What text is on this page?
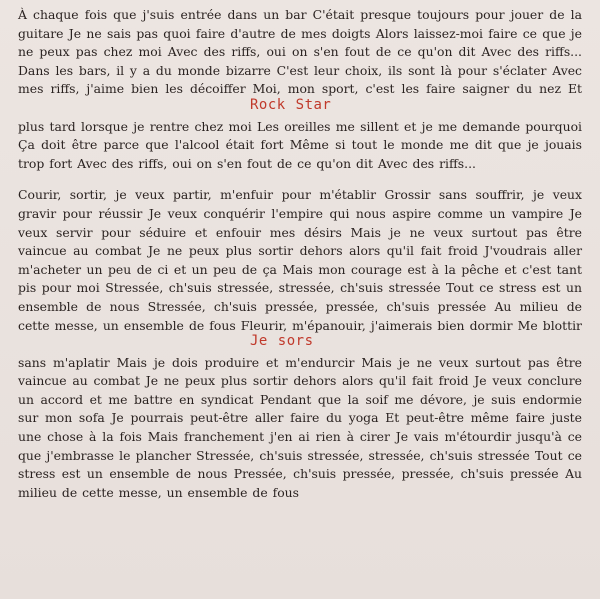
À chaque fois que j'suis entrée dans un bar C'était presque toujours pour jouer de la guitare Je ne sais pas quoi faire d'autre de mes doigts Alors laissez-moi faire ce que je ne peux pas chez moi Avec des riffs, oui on s'en fout de ce qu'on dit Avec des riffs... Dans les bars, il y a du monde bizarre C'est leur choix, ils sont là pour s'éclater Avec mes riffs, j'aime
Rock Star
bien les décoiffer Moi, mon sport, c'est les faire saigner du nez Et plus tard lorsque je rentre chez moi Les oreilles me sillent et je me demande pourquoi Ça doit être parce que l'alcool était fort Même si tout le monde me dit que je jouais trop fort Avec des riffs, oui on s'en fout de ce qu'on dit Avec des riffs...

Courir, sortir, je veux partir, m'enfuir pour m'établir Grossir sans souffrir, je veux gravir pour réussir Je veux conquérir l'empire qui nous aspire comme un vampire Je veux servir pour séduire et enfouir mes désirs Mais je ne veux surtout pas être vaincue au combat Je ne peux plus sortir dehors alors qu'il fait froid J'voudrais aller m'acheter un peu de ci et un peu de ça Mais mon courage est à la pêche et c'est tant pis pour moi Stressée, ch'suis stressée, stressée, ch'suis stressée Tout ce stress est un ensemble de nous Stressée, ch'suis pressée, pressée, ch'suis pressée Au milieu de cette messe,
Je sors
un ensemble de fous Fleurir, m'épanouir, j'aimerais bien dormir Me blottir sans m'aplatir Mais je dois produire et m'endurcir Mais je ne veux surtout pas être vaincue au combat Je ne peux plus sortir dehors alors qu'il fait froid Je veux conclure un accord et me battre en syndicat Pendant que la soif me dévore, je suis endormie sur mon sofa Je pourrais peut-être aller faire du yoga Et peut-être même faire juste une chose à la fois Mais franchement j'en ai rien à cirer Je vais m'étourdir jusqu'à ce que j'embrasse le plancher Stressée, ch'suis stressée, stressée, ch'suis stressée Tout ce stress est un ensemble de nous Pressée, ch'suis pressée, pressée, ch'suis pressée Au milieu de cette messe, un ensemble de fous
